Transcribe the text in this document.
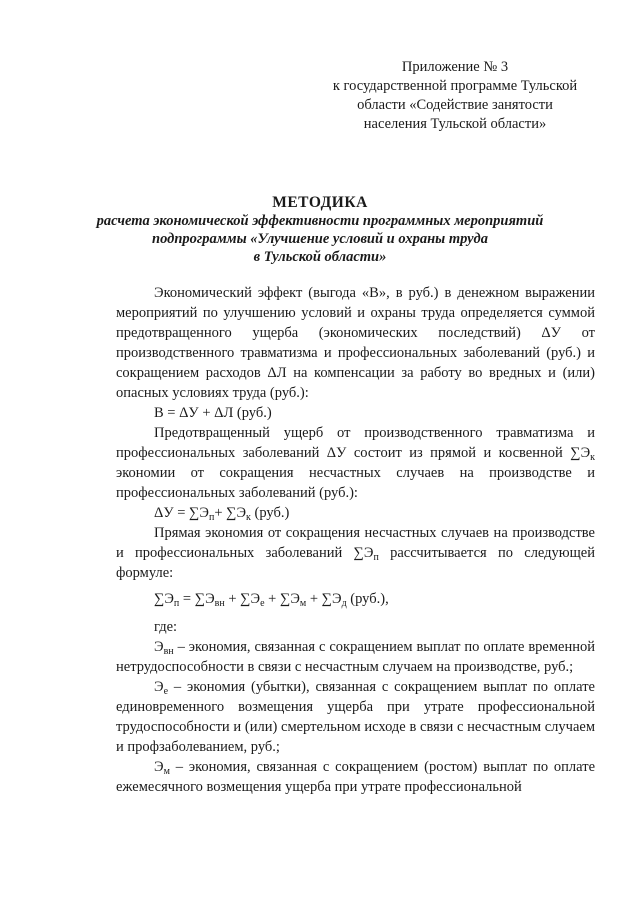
Приложение № 3
к государственной программе Тульской
области «Содействие занятости
населения Тульской области»
МЕТОДИКА
расчета экономической эффективности программных мероприятий
подпрограммы «Улучшение условий и охраны труда
в Тульской области»

Экономический эффект (выгода «В», в руб.) в денежном выражении мероприятий по улучшению условий и охраны труда определяется суммой предотвращенного ущерба (экономических последствий) ΔУ от производственного травматизма и профессиональных заболеваний (руб.) и сокращением расходов ΔЛ на компенсации за работу во вредных и (или) опасных условиях труда (руб.):

В = ΔУ + ΔЛ (руб.)

Предотвращенный ущерб от производственного травматизма и профессиональных заболеваний ΔУ состоит из прямой и косвенной $\sum Э_к$ экономии от сокращения несчастных случаев на производстве и профессиональных заболеваний (руб.):

$\Delta У = \sum Э_п+ \sum Э_к$ (руб.)

Прямая экономия от сокращения несчастных случаев на производстве и профессиональных заболеваний $\sum Э_п$ рассчитывается по следующей формуле:

$\sum Э_п = \sum Э_{вн} + \sum Э_е + \sum Э_м + \sum Э_д$ (руб.),

где:

$Э_{вн}$ – экономия, связанная с сокращением выплат по оплате временной нетрудоспособности в связи с несчастным случаем на производстве, руб.;

$Э_е$ – экономия (убытки), связанная с сокращением выплат по оплате единовременного возмещения ущерба при утрате профессиональной трудоспособности и (или) смертельном исходе в связи с несчастным случаем и профзаболеванием, руб.;

$Э_м$ – экономия, связанная с сокращением (ростом) выплат по оплате ежемесячного возмещения ущерба при утрате профессиональной
